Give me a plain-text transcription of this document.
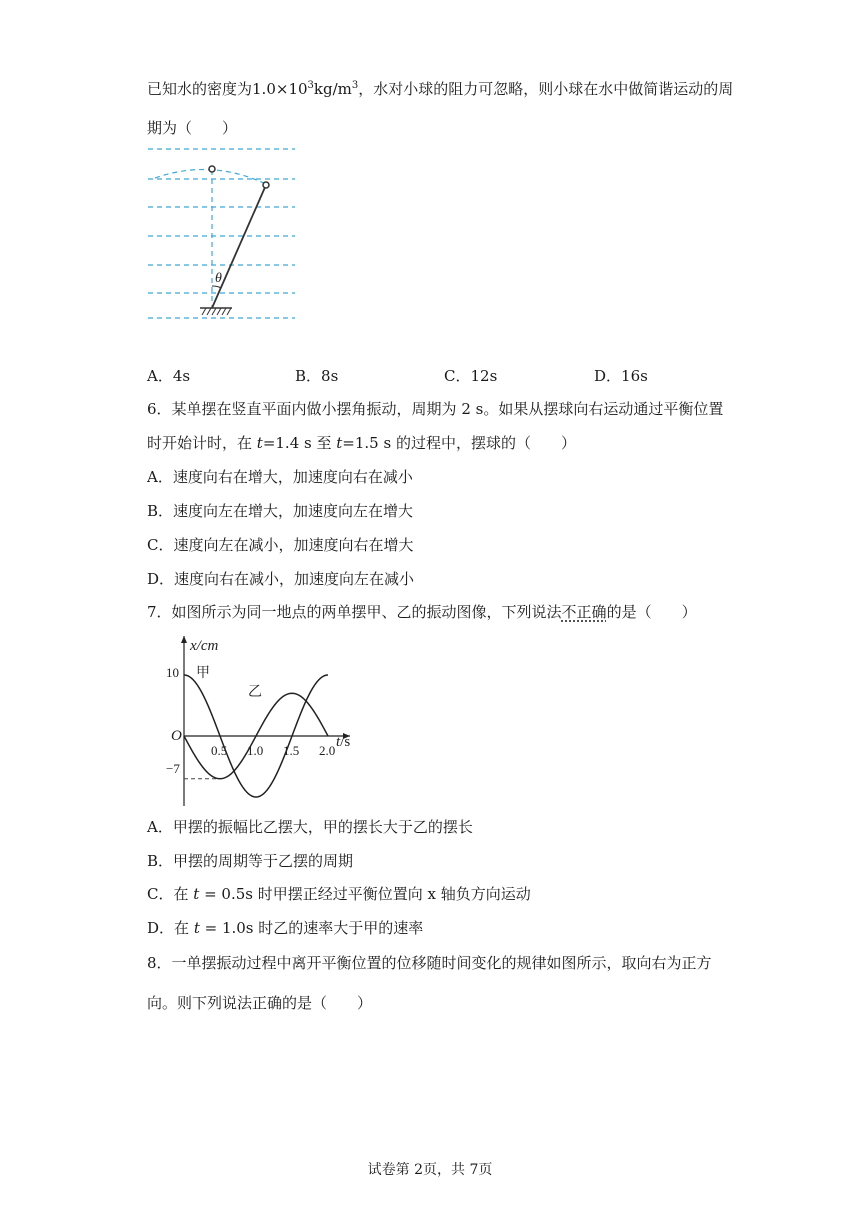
已知水的密度为$1.0\times 10^3kg/m^3$，水对小球的阻力可忽略，则小球在水中做简谐运动的周
期为（　　）
θ
A．4s	B．8s	C．12s	D．16s
6．某单摆在竖直平面内做小摆角振动，周期为 2 s。如果从摆球向右运动通过平衡位置
时开始计时，在 t=1.4 s 至 t=1.5 s 的过程中，摆球的（　　）
A．速度向右在增大，加速度向右在减小
B．速度向左在增大，加速度向左在增大
C．速度向左在减小，加速度向右在增大
D．速度向右在减小，加速度向左在减小
7．如图所示为同一地点的两单摆甲、乙的振动图像，下列说法不正确的是（　　）
x/cm
t/s
O
10
−7
0.5 1.0 1.5 2.0
甲
乙
A．甲摆的振幅比乙摆大，甲的摆长大于乙的摆长
B．甲摆的周期等于乙摆的周期
C．在 t = 0.5s 时甲摆正经过平衡位置向 x 轴负方向运动
D．在 t = 1.0s 时乙的速率大于甲的速率
8．一单摆振动过程中离开平衡位置的位移随时间变化的规律如图所示，取向右为正方
向。则下列说法正确的是（　　）
试卷第 2页，共 7页
